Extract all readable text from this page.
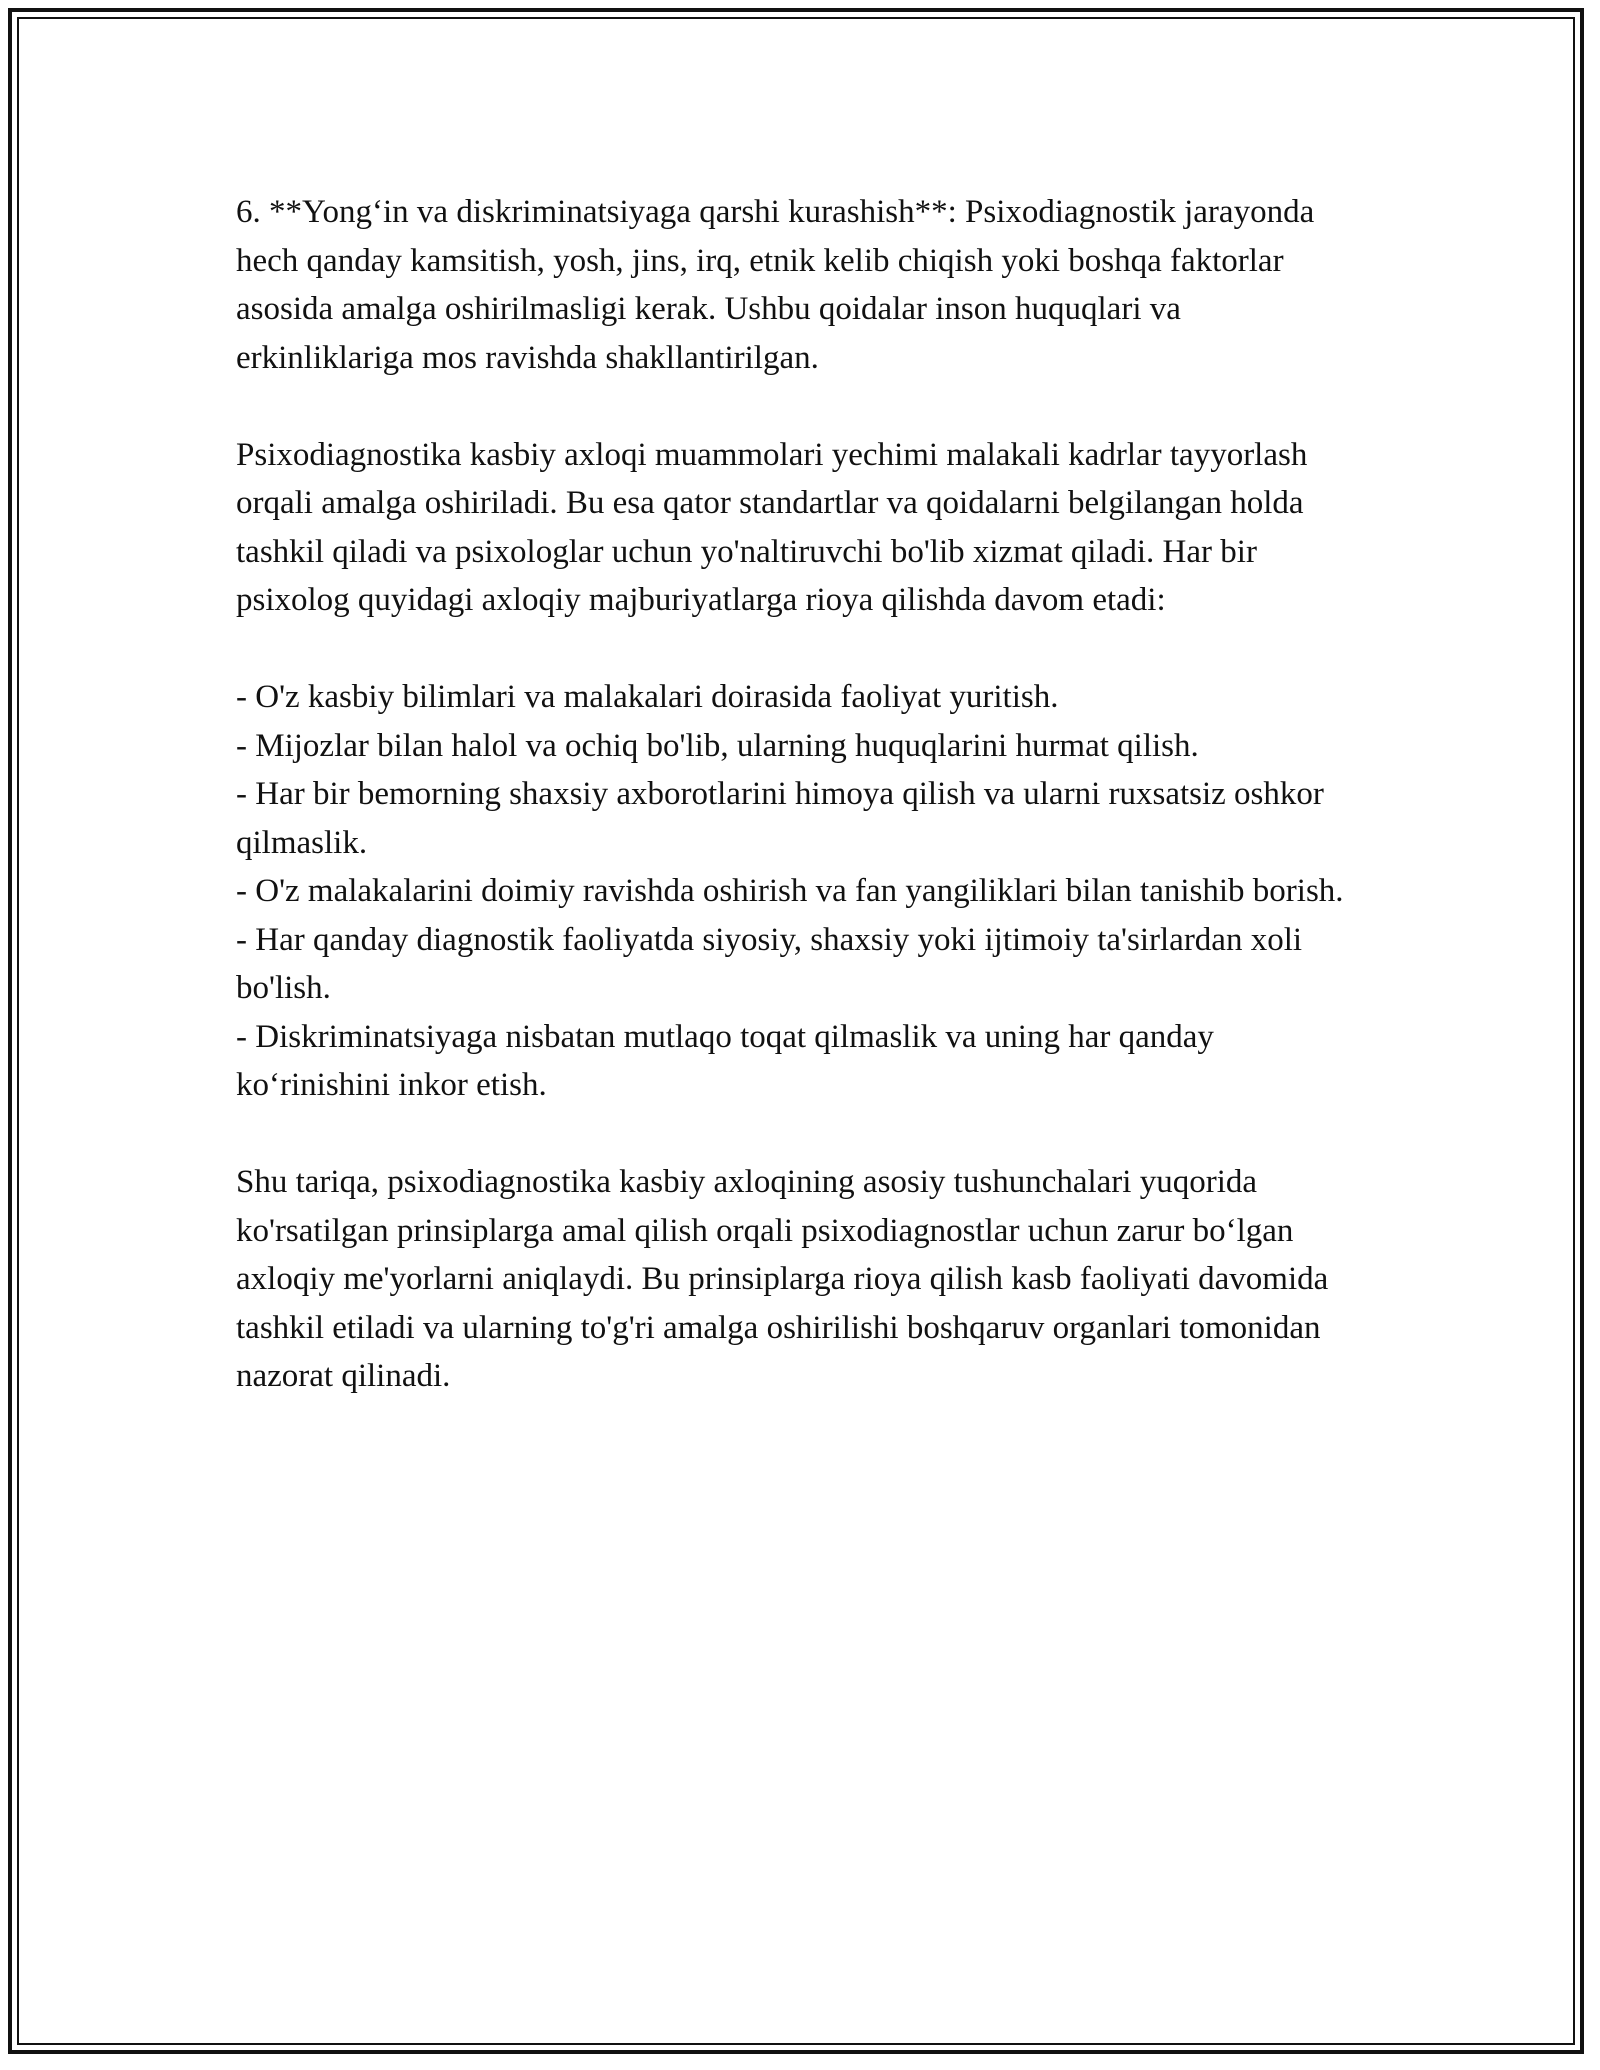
6. **Yong‘in va diskriminatsiyaga qarshi kurashish**: Psixodiagnostik jarayonda hech qanday kamsitish, yosh, jins, irq, etnik kelib chiqish yoki boshqa faktorlar asosida amalga oshirilmasligi kerak. Ushbu qoidalar inson huquqlari va erkinliklariga mos ravishda shakllantirilgan.

Psixodiagnostika kasbiy axloqi muammolari yechimi malakali kadrlar tayyorlash orqali amalga oshiriladi. Bu esa qator standartlar va qoidalarni belgilangan holda tashkil qiladi va psixologlar uchun yo'naltiruvchi bo'lib xizmat qiladi. Har bir psixolog quyidagi axloqiy majburiyatlarga rioya qilishda davom etadi:

- O'z kasbiy bilimlari va malakalari doirasida faoliyat yuritish.
- Mijozlar bilan halol va ochiq bo'lib, ularning huquqlarini hurmat qilish.
- Har bir bemorning shaxsiy axborotlarini himoya qilish va ularni ruxsatsiz oshkor qilmaslik.
- O'z malakalarini doimiy ravishda oshirish va fan yangiliklari bilan tanishib borish.
- Har qanday diagnostik faoliyatda siyosiy, shaxsiy yoki ijtimoiy ta'sirlardan xoli bo'lish.
- Diskriminatsiyaga nisbatan mutlaqo toqat qilmaslik va uning har qanday ko‘rinishini inkor etish.

Shu tariqa, psixodiagnostika kasbiy axloqining asosiy tushunchalari yuqorida ko'rsatilgan prinsiplarga amal qilish orqali psixodiagnostlar uchun zarur bo‘lgan axloqiy me'yorlarni aniqlaydi. Bu prinsiplarga rioya qilish kasb faoliyati davomida tashkil etiladi va ularning to'g'ri amalga oshirilishi boshqaruv organlari tomonidan nazorat qilinadi.
